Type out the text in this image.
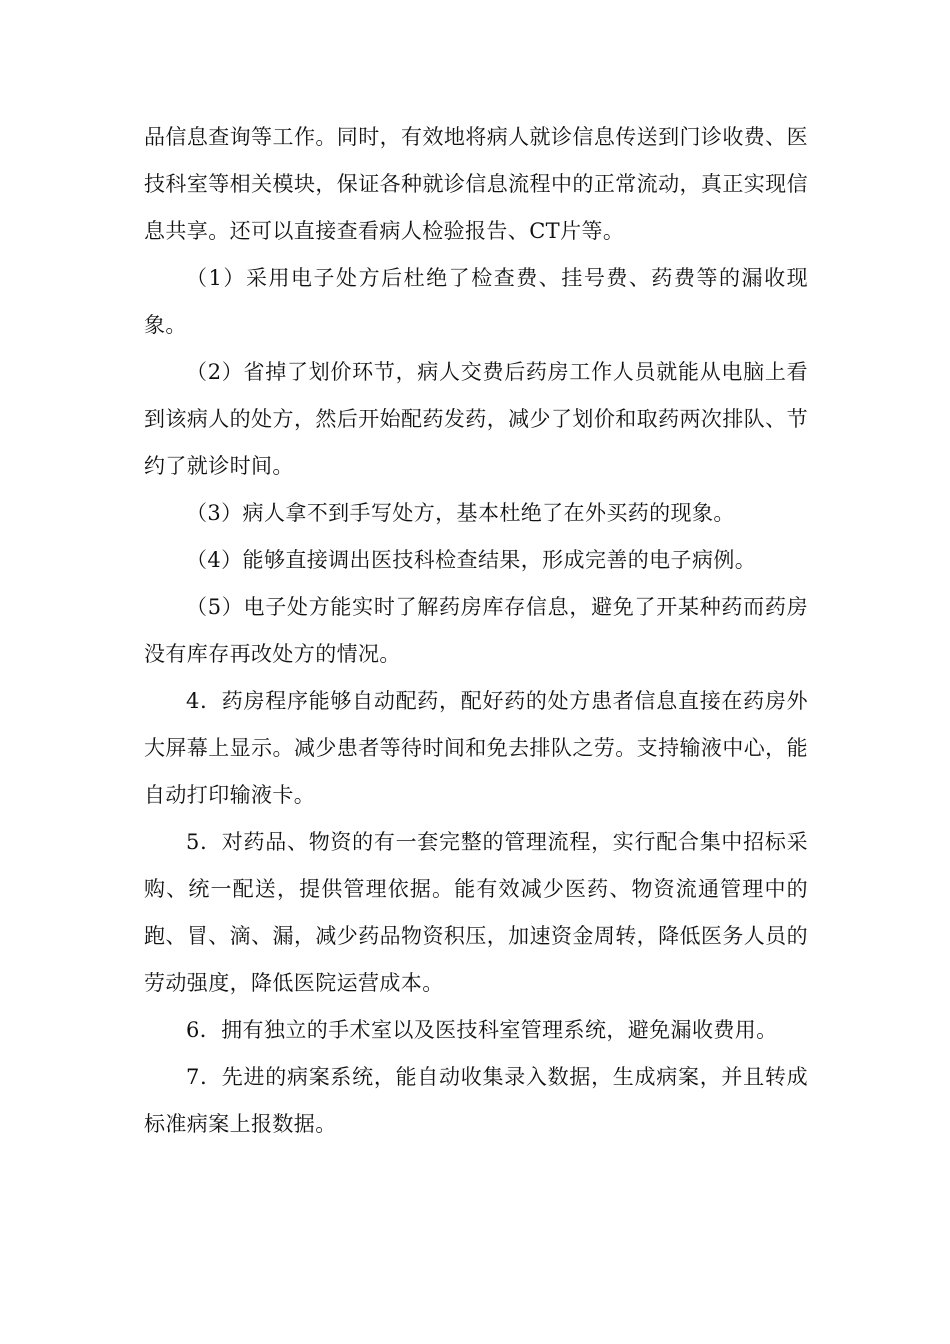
品信息查询等工作。同时，有效地将病人就诊信息传送到门诊收费、医技科室等相关模块，保证各种就诊信息流程中的正常流动，真正实现信息共享。还可以直接查看病人检验报告、CT片等。

（1）采用电子处方后杜绝了检查费、挂号费、药费等的漏收现象。

（2）省掉了划价环节，病人交费后药房工作人员就能从电脑上看到该病人的处方，然后开始配药发药，减少了划价和取药两次排队、节约了就诊时间。

（3）病人拿不到手写处方，基本杜绝了在外买药的现象。

（4）能够直接调出医技科检查结果，形成完善的电子病例。

（5）电子处方能实时了解药房库存信息，避免了开某种药而药房没有库存再改处方的情况。

4．药房程序能够自动配药，配好药的处方患者信息直接在药房外大屏幕上显示。减少患者等待时间和免去排队之劳。支持输液中心，能自动打印输液卡。

5．对药品、物资的有一套完整的管理流程，实行配合集中招标采购、统一配送，提供管理依据。能有效减少医药、物资流通管理中的跑、冒、滴、漏，减少药品物资积压，加速资金周转，降低医务人员的劳动强度，降低医院运营成本。

6．拥有独立的手术室以及医技科室管理系统，避免漏收费用。

7．先进的病案系统，能自动收集录入数据，生成病案，并且转成标准病案上报数据。
